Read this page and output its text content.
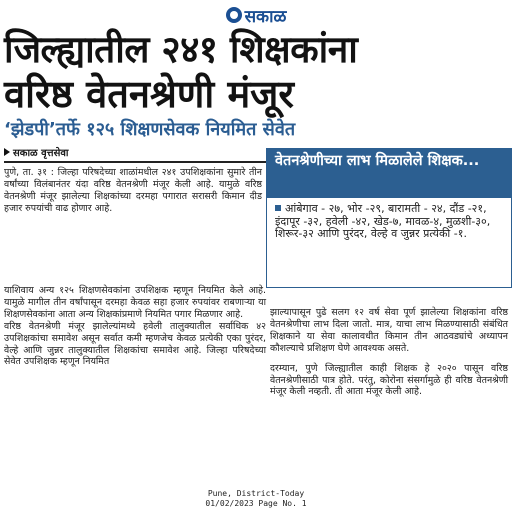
सकाळ
जिल्ह्यातील २४१ शिक्षकांना
वरिष्ठ वेतनश्रेणी मंजूर
‘झेडपी’तर्फे १२५ शिक्षणसेवक नियमित सेवेत
सकाळ वृत्तसेवा

पुणे, ता. ३१ : जिल्हा परिषदेच्या शाळांमधील २४१ उपशिक्षकांना सुमारे तीन वर्षांच्या विलंबानंतर यंदा वरिष्ठ वेतनश्रेणी मंजूर केली आहे. यामुळे वरिष्ठ वेतनश्रेणी मंजूर झालेल्या शिक्षकांच्या दरमहा पगारात सरासरी किमान दीड हजार रुपयांची वाढ होणार आहे.

वेतनश्रेणीच्या लाभ मिळालेले शिक्षक...
आंबेगाव - २७, भोर -२९, बारामती - २४, दौंड -२१, इंदापूर -३२, हवेली -४२, खेड-७, मावळ-४, मुळशी-३०, शिरूर-३२ आणि पुरंदर, वेल्हे व जुन्नर प्रत्येकी -१.

याशिवाय अन्य १२५ शिक्षणसेवकांना उपशिक्षक म्हणून नियमित केले आहे. यामुळे मागील तीन वर्षांपासून दरमहा केवळ सहा हजार रुपयांवर राबणाऱ्या या शिक्षणसेवकांना आता अन्य शिक्षकांप्रमाणे नियमित पगार मिळणार आहे.

वरिष्ठ वेतनश्रेणी मंजूर झालेल्यांमध्ये हवेली तालुक्यातील सर्वाधिक ४२ उपशिक्षकांचा समावेश असून सर्वात कमी म्हणजेच केवळ प्रत्येकी एका पुरंदर, वेल्हे आणि जुन्नर तालुक्यातील शिक्षकांचा समावेश आहे. जिल्हा परिषदेच्या सेवेत उपशिक्षक म्हणून नियमित

झाल्यापासून पुढे सलग १२ वर्ष सेवा पूर्ण झालेल्या शिक्षकांना वरिष्ठ वेतनश्रेणीचा लाभ दिला जातो. मात्र, याचा लाभ मिळण्यासाठी संबंधित शिक्षकाने या सेवा कालावधीत किमान तीन आठवड्यांचे अध्यापन कौशल्याचे प्रशिक्षण घेणे आवश्यक असते.

दरम्यान, पुणे जिल्ह्यातील काही शिक्षक हे २०२० पासून वरिष्ठ वेतनश्रेणीसाठी पात्र होते. परंतु, कोरोना संसर्गामुळे ही वरिष्ठ वेतनश्रेणी मंजूर केली नव्हती. ती आता मंजूर केली आहे.

Pune, District-Today
01/02/2023 Page No. 1
